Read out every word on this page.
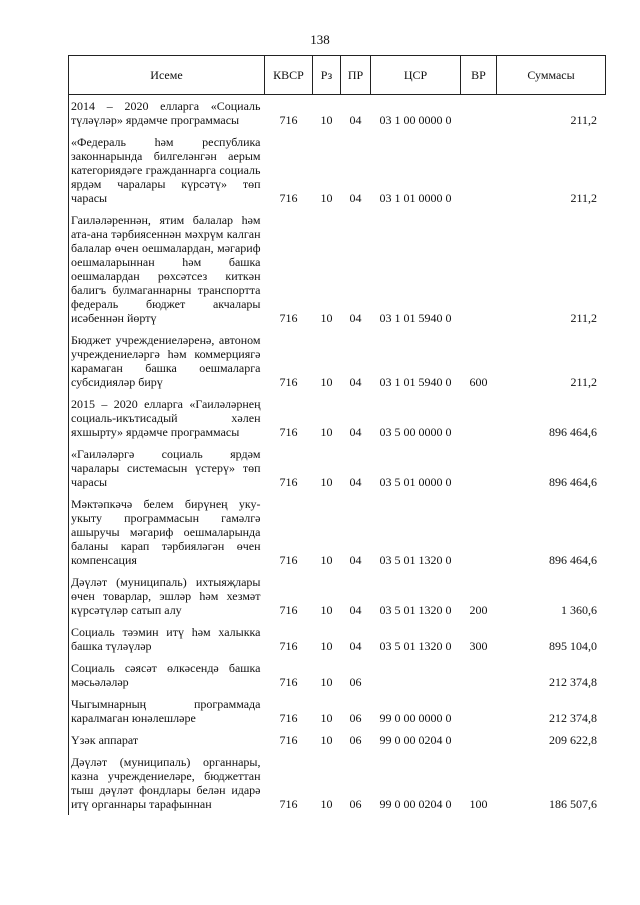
138
Исеме	КВСР	Рз	ПР	ЦСР	ВР	Суммасы
2014 – 2020 елларга «Социаль түләүләр» ярдәмче программасы	716	10	04	03 1 00 0000 0		211,2
«Федераль һәм республика законнарында билгеләнгән аерым категориядәге гражданнарга социаль ярдәм чаралары күрсәтү» төп чарасы	716	10	04	03 1 01 0000 0		211,2
Гаиләләреннән, ятим балалар һәм ата-ана тәрбиясеннән мәхрүм калган балалар өчен оешмалардан, мәгариф оешмаларыннан һәм башка оешмалардан рөхсәтсез киткән балигъ булмаганнарны транспортта федераль бюджет акчалары исәбеннән йөртү	716	10	04	03 1 01 5940 0		211,2
Бюджет учреждениеләренә, автоном учреждениеләргә һәм коммерциягә карамаган башка оешмаларга субсидияләр бирү	716	10	04	03 1 01 5940 0	600	211,2
2015 – 2020 елларга «Гаиләләрнең социаль-икътисадый хәлен яхшырту» ярдәмче программасы	716	10	04	03 5 00 0000 0		896 464,6
«Гаиләләргә социаль ярдәм чаралары системасын үстерү» төп чарасы	716	10	04	03 5 01 0000 0		896 464,6
Мәктәпкәчә белем бирүнең уку-укыту программасын гамәлгә ашыручы мәгариф оешмаларында баланы карап тәрбияләгән өчен компенсация	716	10	04	03 5 01 1320 0		896 464,6
Дәүләт (муниципаль) ихтыяҗлары өчен товарлар, эшләр һәм хезмәт күрсәтүләр сатып алу	716	10	04	03 5 01 1320 0	200	1 360,6
Социаль тәэмин итү һәм халыкка башка түләүләр	716	10	04	03 5 01 1320 0	300	895 104,0
Социаль сәясәт өлкәсендә башка мәсьәләләр	716	10	06			212 374,8
Чыгымнарның программада каралмаган юнәлешләре	716	10	06	99 0 00 0000 0		212 374,8
Үзәк аппарат	716	10	06	99 0 00 0204 0		209 622,8
Дәүләт (муниципаль) органнары, казна учреждениеләре, бюджеттан тыш дәүләт фондлары белән идарә итү органнары тарафыннан	716	10	06	99 0 00 0204 0	100	186 507,6
